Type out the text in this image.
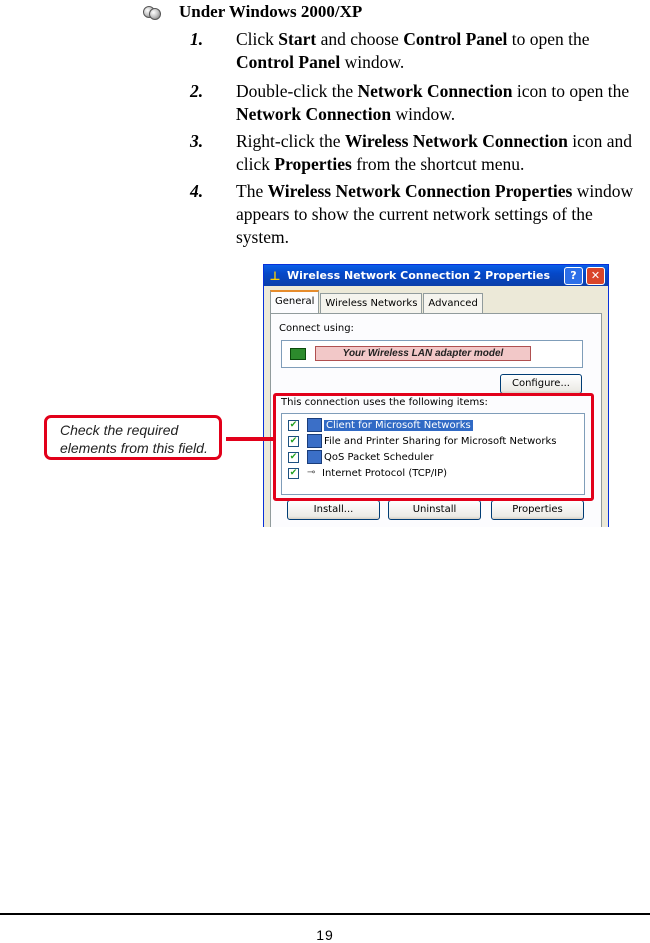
Under Windows 2000/XP
1. Click Start and choose Control Panel to open the Control Panel window.
2. Double-click the Network Connection icon to open the Network Connection window.
3. Right-click the Wireless Network Connection icon and click Properties from the shortcut menu.
4. The Wireless Network Connection Properties window appears to show the current network settings of the system.
⊥ Wireless Network Connection 2 Properties	?	✕
General	Wireless Networks	Advanced
Connect using:
Your Wireless LAN adapter model
Configure...
This connection uses the following items:
✔	Client for Microsoft Networks
✔	File and Printer Sharing for Microsoft Networks
✔	QoS Packet Scheduler
✔ ⊸ Internet Protocol (TCP/IP)
Install...	Uninstall	Properties
Check the required elements from this field.
19
